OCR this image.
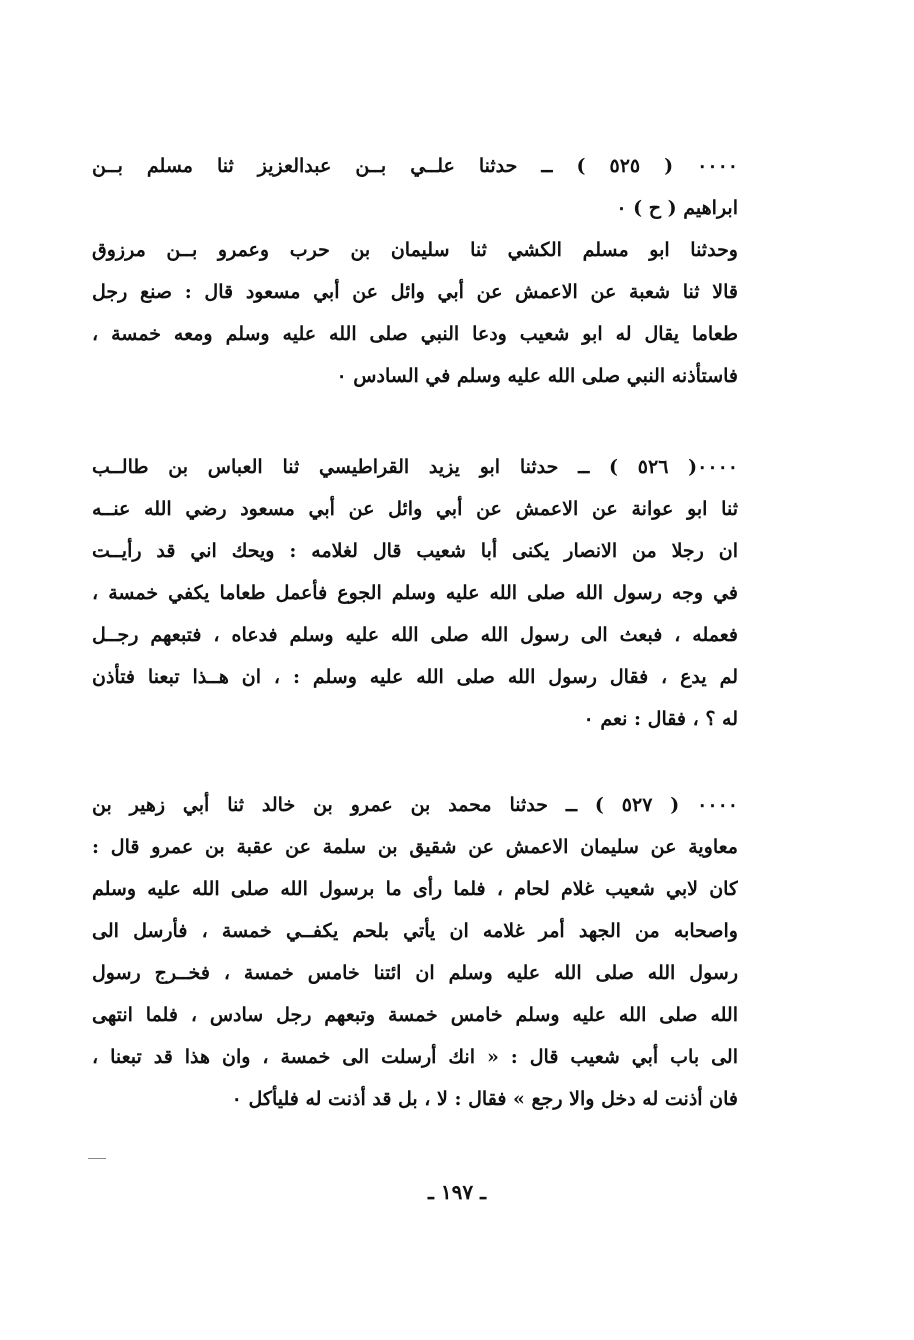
٠٠٠٠ ( ٥٢٥ ) ــ حدثنا علــي بــن عبدالعزيز ثنا مسلم بــن
ابراهيم ( ح ) ٠
وحدثنا ابو مسلم الكشي ثنا سليمان بن حرب وعمرو بــن مرزوق
قالا ثنا شعبة عن الاعمش عن أبي وائل عن أبي مسعود قال : صنع رجل
طعاما يقال له ابو شعيب ودعا النبي صلى الله عليه وسلم ومعه خمسة ،
فاستأذنه النبي صلى الله عليه وسلم في السادس ٠
٠٠٠٠( ٥٢٦ ) ــ حدثنا ابو يزيد القراطيسي ثنا العباس بن طالــب
ثنا ابو عوانة عن الاعمش عن أبي وائل عن أبي مسعود رضي الله عنــه
ان رجلا من الانصار يكنى أبا شعيب قال لغلامه : ويحك اني قد رأيــت
في وجه رسول الله صلى الله عليه وسلم الجوع فأعمل طعاما يكفي خمسة ،
فعمله ، فبعث الى رسول الله صلى الله عليه وسلم فدعاه ، فتبعهم رجــل
لم يدع ، فقال رسول الله صلى الله عليه وسلم : ، ان هــذا تبعنا فتأذن
له ؟ ، فقال : نعم ٠
٠٠٠٠ ( ٥٢٧ ) ــ حدثنا محمد بن عمرو بن خالد ثنا أبي زهير بن
معاوية عن سليمان الاعمش عن شقيق بن سلمة عن عقبة بن عمرو قال :
كان لابي شعيب غلام لحام ، فلما رأى ما برسول الله صلى الله عليه وسلم
واصحابه من الجهد أمر غلامه ان يأتي بلحم يكفــي خمسة ، فأرسل الى
رسول الله صلى الله عليه وسلم ان ائتنا خامس خمسة ، فخــرج رسول
الله صلى الله عليه وسلم خامس خمسة وتبعهم رجل سادس ، فلما انتهى
الى باب أبي شعيب قال : « انك أرسلت الى خمسة ، وان هذا قد تبعنا ،
فان أذنت له دخل والا رجع » فقال : لا ، بل قد أذنت له فليأكل ٠
ـ ١٩٧ ـ
